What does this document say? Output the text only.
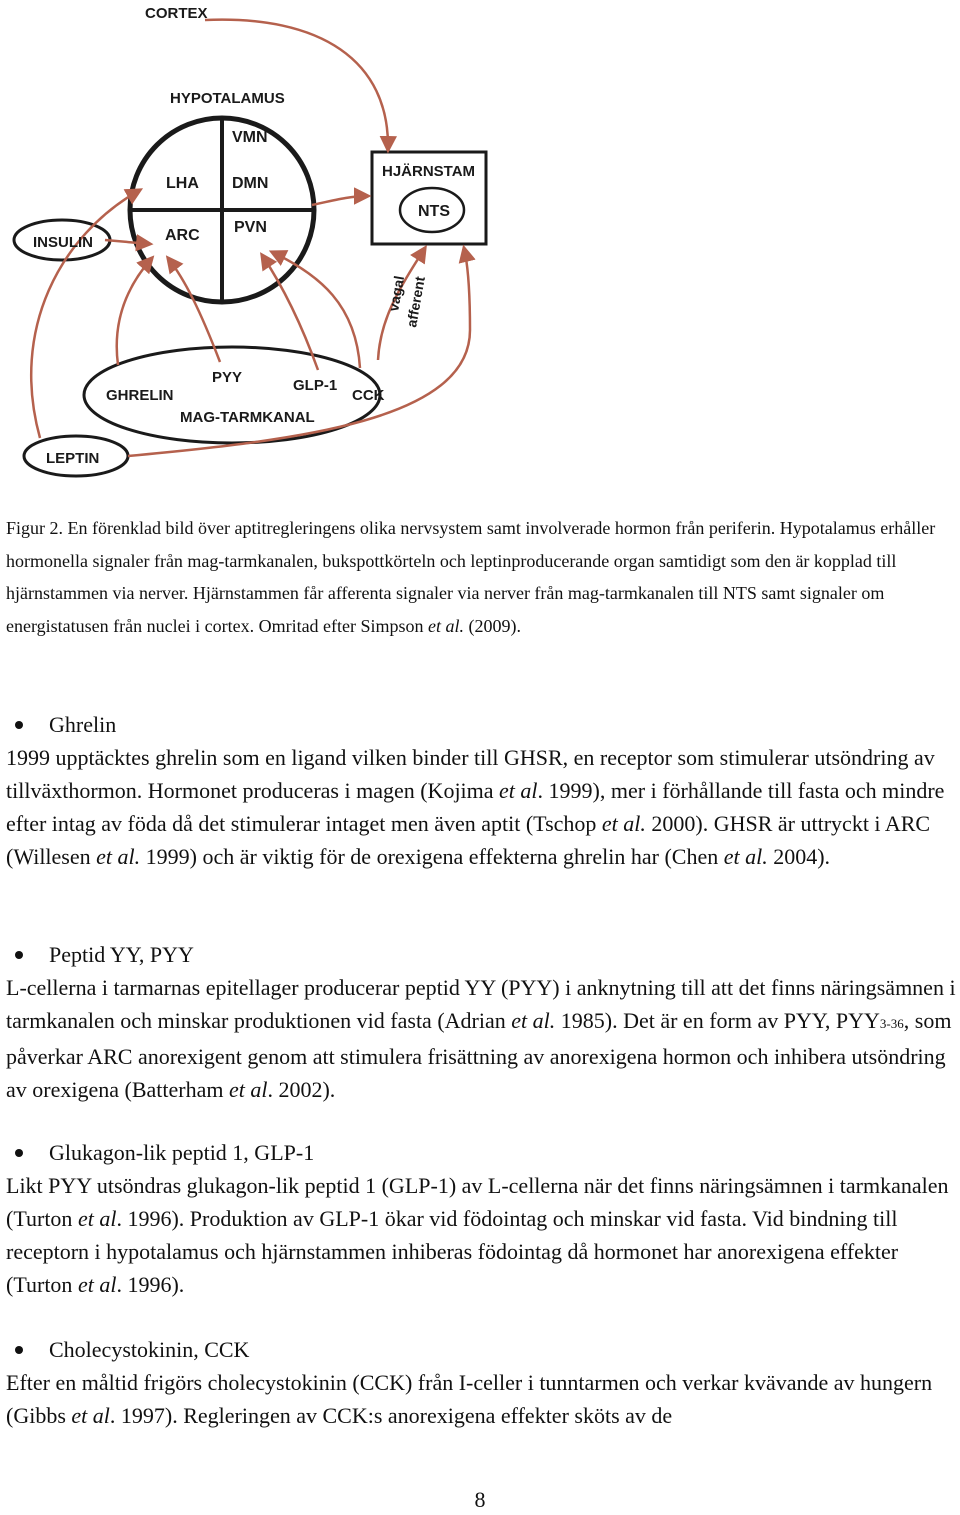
CORTEX
HYPOTALAMUS
VMN
LHA DMN
ARC PVN
HJÄRNSTAM
NTS
INSULIN
vagal
afferent
GHRELIN
PYY	GLP-1
CCK
MAG-TARMKANAL
LEPTIN

Figur 2. En förenklad bild över aptitregleringens olika nervsystem samt involverade hormon från periferin. Hypotalamus erhåller hormonella signaler från mag-tarmkanalen, bukspottkörteln och leptinproducerande organ samtidigt som den är kopplad till hjärnstammen via nerver. Hjärnstammen får afferenta signaler via nerver från mag-tarmkanalen till NTS samt signaler om energistatusen från nuclei i cortex. Omritad efter Simpson et al. (2009).

Ghrelin

1999 upptäcktes ghrelin som en ligand vilken binder till GHSR, en receptor som stimulerar utsöndring av tillväxthormon. Hormonet produceras i magen (Kojima et al. 1999), mer i förhållande till fasta och mindre efter intag av föda då det stimulerar intaget men även aptit (Tschop et al. 2000). GHSR är uttryckt i ARC (Willesen et al. 1999) och är viktig för de orexigena effekterna ghrelin har (Chen et al. 2004).

Peptid YY, PYY

L-cellerna i tarmarnas epitellager producerar peptid YY (PYY) i anknytning till att det finns näringsämnen i tarmkanalen och minskar produktionen vid fasta (Adrian et al. 1985). Det är en form av PYY, PYY3-36, som påverkar ARC anorexigent genom att stimulera frisättning av anorexigena hormon och inhibera utsöndring av orexigena (Batterham et al. 2002).

Glukagon-lik peptid 1, GLP-1

Likt PYY utsöndras glukagon-lik peptid 1 (GLP-1) av L-cellerna när det finns näringsämnen i tarmkanalen (Turton et al. 1996). Produktion av GLP-1 ökar vid födointag och minskar vid fasta. Vid bindning till receptorn i hypotalamus och hjärnstammen inhiberas födointag då hormonet har anorexigena effekter (Turton et al. 1996).

Cholecystokinin, CCK

Efter en måltid frigörs cholecystokinin (CCK) från I-celler i tunntarmen och verkar kvävande av hungern (Gibbs et al. 1997). Regleringen av CCK:s anorexigena effekter sköts av de

8
